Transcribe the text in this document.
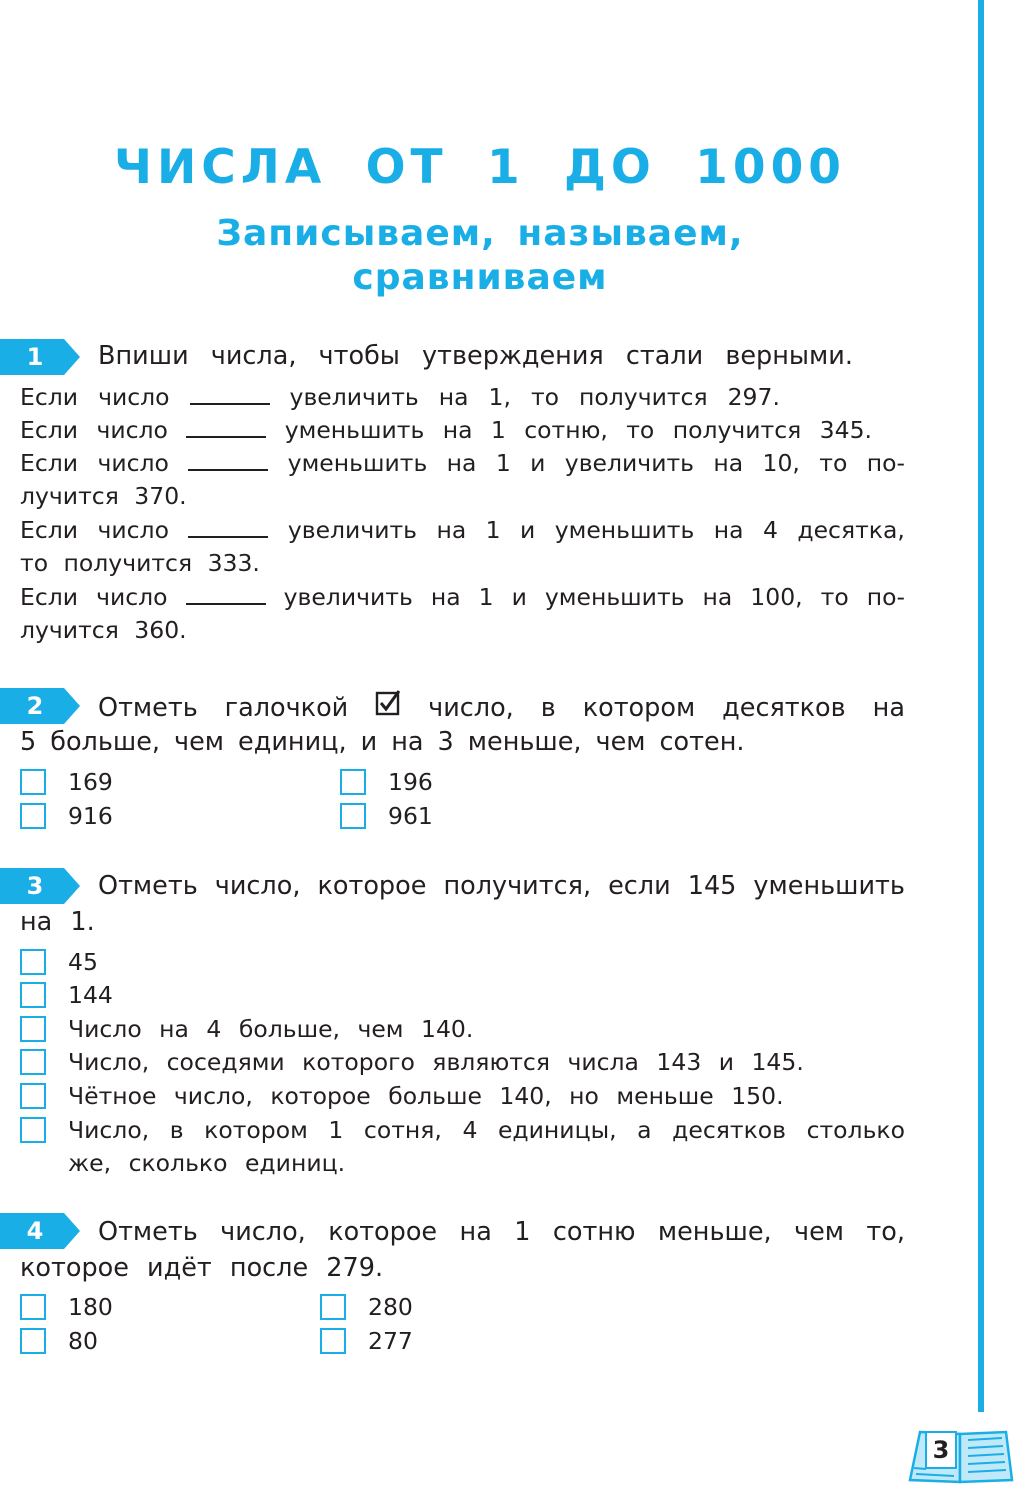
ЧИСЛА ОТ 1 ДО 1000
Записываем, называем,
сравниваем
1	Впиши числа, чтобы утверждения стали верными.
Если число	увеличить на 1, то получится 297.
Если число	уменьшить на 1 сотню, то получится 345.
Если число	уменьшить на 1 и увеличить на 10, то по-
лучится 370.
Если число	увеличить на 1 и уменьшить на 4 десятка,
то получится 333.
Если число	увеличить на 1 и уменьшить на 100, то по-
лучится 360.
2	Отметь галочкой	число, в котором десятков на
5 больше, чем единиц, и на 3 меньше, чем сотен.
169	196
916	961
3	Отметь число, которое получится, если 145 уменьшить
на 1.
45
144
Число на 4 больше, чем 140.
Число, соседями которого являются числа 143 и 145.
Чётное число, которое больше 140, но меньше 150.
Число, в котором 1 сотня, 4 единицы, а десятков столько
же, сколько единиц.
4	Отметь число, которое на 1 сотню меньше, чем то,
которое идёт после 279.
180	280
80	277
3
